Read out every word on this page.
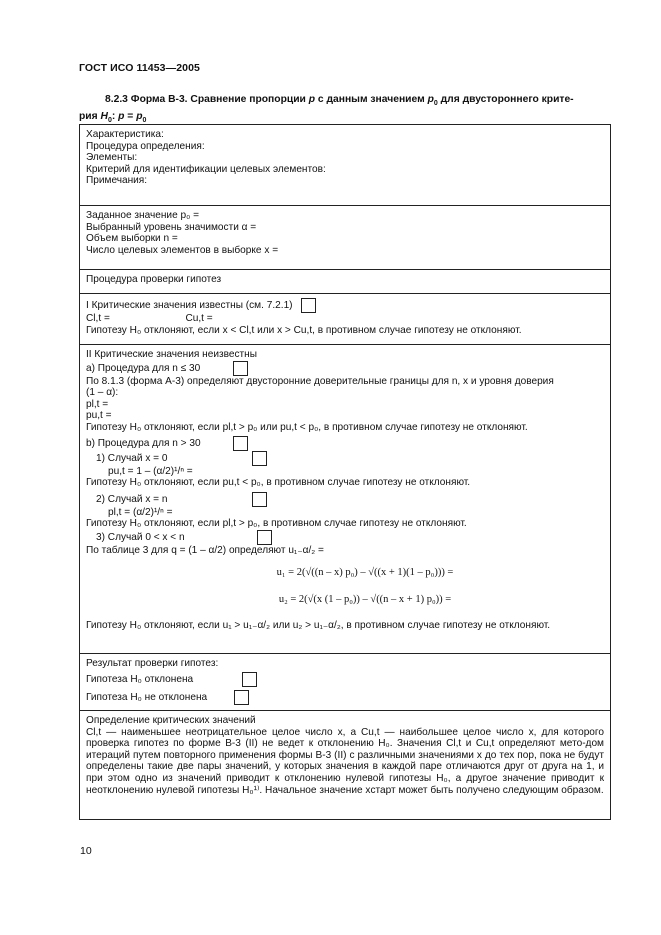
ГОСТ ИСО 11453—2005
8.2.3 Форма B-3. Сравнение пропорции p с данным значением $p_0$ для двустороннего крите-
рия $H_0$: $p = p_0$
Характеристика:
Процедура определения:
Элементы:
Критерий для идентификации целевых элементов:
Примечания:

Заданное значение p₀ =
Выбранный уровень значимости α =
Объем выборки n =
Число целевых элементов в выборке x =

Процедура проверки гипотез

I Критические значения известны (см. 7.2.1)
Cl,t =	Cu,t =
Гипотезу H₀ отклоняют, если x < Cl,t или x > Cu,t, в противном случае гипотезу не отклоняют.

II Критические значения неизвестны
а) Процедура для n ≤ 30
По 8.1.3 (форма A-3) определяют двусторонние доверительные границы для n, x и уровня доверия
(1 – α):
pl,t =
pu,t =
Гипотезу H₀ отклоняют, если pl,t > p₀ или pu,t < p₀, в противном случае гипотезу не отклоняют.
b) Процедура для n > 30
1) Случай x = 0
pu,t = 1 – (α/2)¹/ⁿ =
Гипотезу H₀ отклоняют, если pu,t < p₀, в противном случае гипотезу не отклоняют.
2) Случай x = n
pl,t = (α/2)¹/ⁿ =
Гипотезу H₀ отклоняют, если pl,t > p₀, в противном случае гипотезу не отклоняют.
3) Случай 0 < x < n
По таблице 3 для q = (1 – α/2) определяют u₁₋α/₂ =
u₁ = 2(√((n – x) p₀) – √((x + 1)(1 – p₀))) =
u₂ = 2(√(x (1 – p₀)) – √((n – x + 1) p₀)) =
Гипотезу H₀ отклоняют, если u₁ > u₁₋α/₂ или u₂ > u₁₋α/₂, в противном случае гипотезу не отклоняют.

Результат проверки гипотез:
Гипотеза H₀ отклонена
Гипотеза H₀ не отклонена

Определение критических значений
Cl,t — наименьшее неотрицательное целое число x, а Cu,t — наибольшее целое число x, для которого проверка гипотез по форме B-3 (II) не ведет к отклонению H₀. Значения Cl,t и Cu,t определяют мето-дом итераций путем повторного применения формы B-3 (II) с различными значениями x до тех пор, пока не будут определены такие две пары значений, у которых значения в каждой паре отличаются друг от друга на 1, и при этом одно из значений приводит к отклонению нулевой гипотезы H₀, а другое значение приводит к неотклонению нулевой гипотезы H₀¹⁾. Начальное значение xстарт может быть получено следующим образом.
10
